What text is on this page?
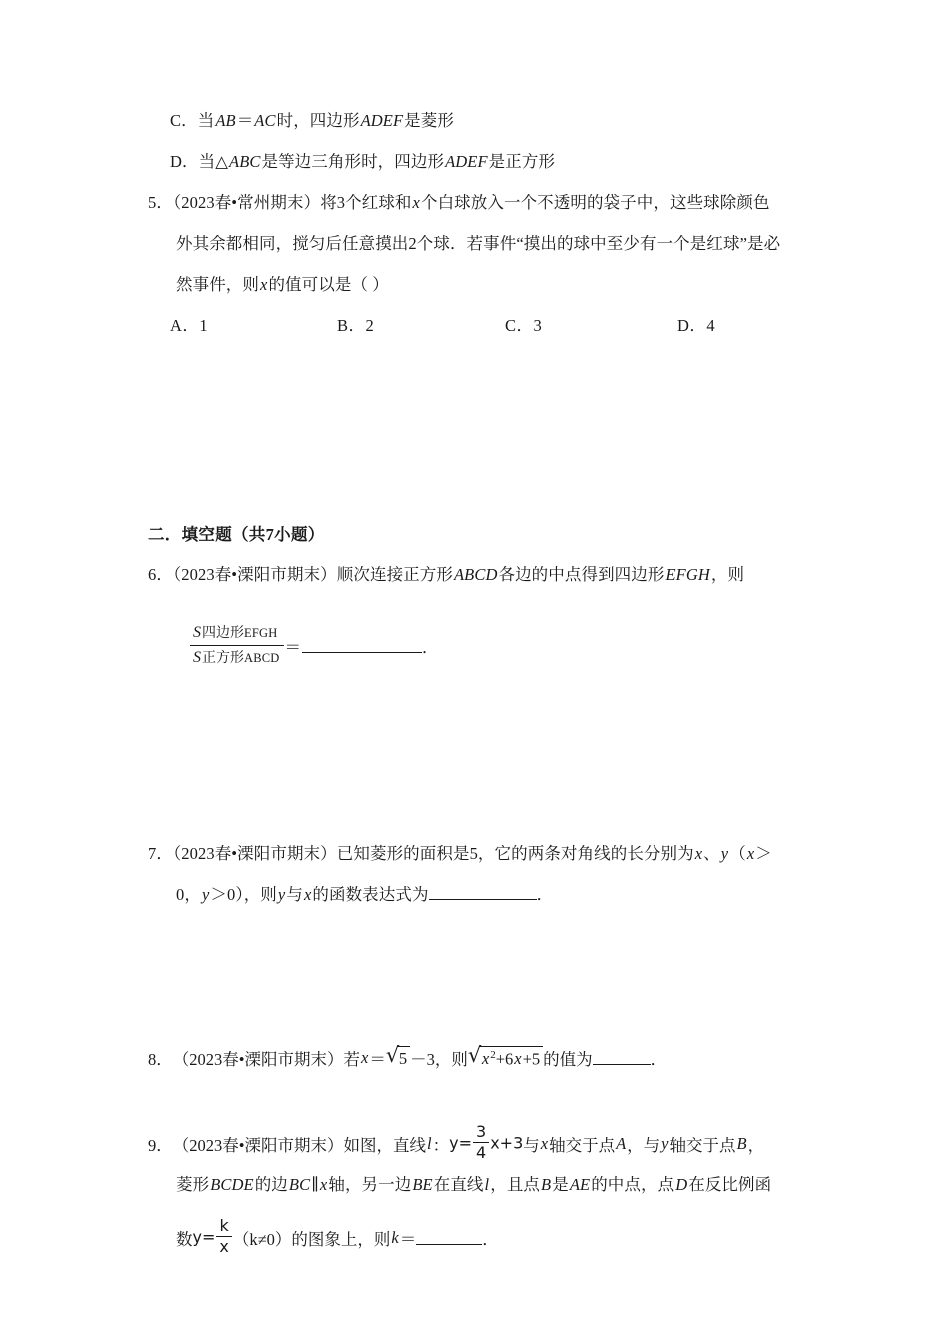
C．当AB＝AC时，四边形ADEF是菱形
D．当△ABC是等边三角形时，四边形ADEF是正方形
5．（2023春•常州期末）将3个红球和x个白球放入一个不透明的袋子中，这些球除颜色
外其余都相同，搅匀后任意摸出2个球．若事件“摸出的球中至少有一个是红球”是必
然事件，则x的值可以是（ ）
A．1	B．2	C．3	D．4
二．填空题（共7小题）
6．（2023春•溧阳市期末）顺次连接正方形ABCD各边的中点得到四边形EFGH，则
$\frac{\text{S四边形EFGH}}{\text{S正方形ABCD}}$ ＝	．
7．（2023春•溧阳市期末）已知菱形的面积是5，它的两条对角线的长分别为x、y（x＞
0，y＞0），则y与x的函数表达式为	．
8． （2023春•溧阳市期末） 若 x ＝ √ 5 －3，则 √ $x^2+6x+5$ 的值为	．
9． （2023春•溧阳市期末） 如图，直线 l ： $y= \frac{3}{4} x+3$ 与 x 轴交于点 A ，与 y 轴交于点 B ，
菱形BCDE的边BC∥x轴，另一边BE在直线l，且点B是AE的中点，点D在反比例函
数 $y= \frac{k}{x} (k\ne 0)$的图象上，则 k ＝	．
